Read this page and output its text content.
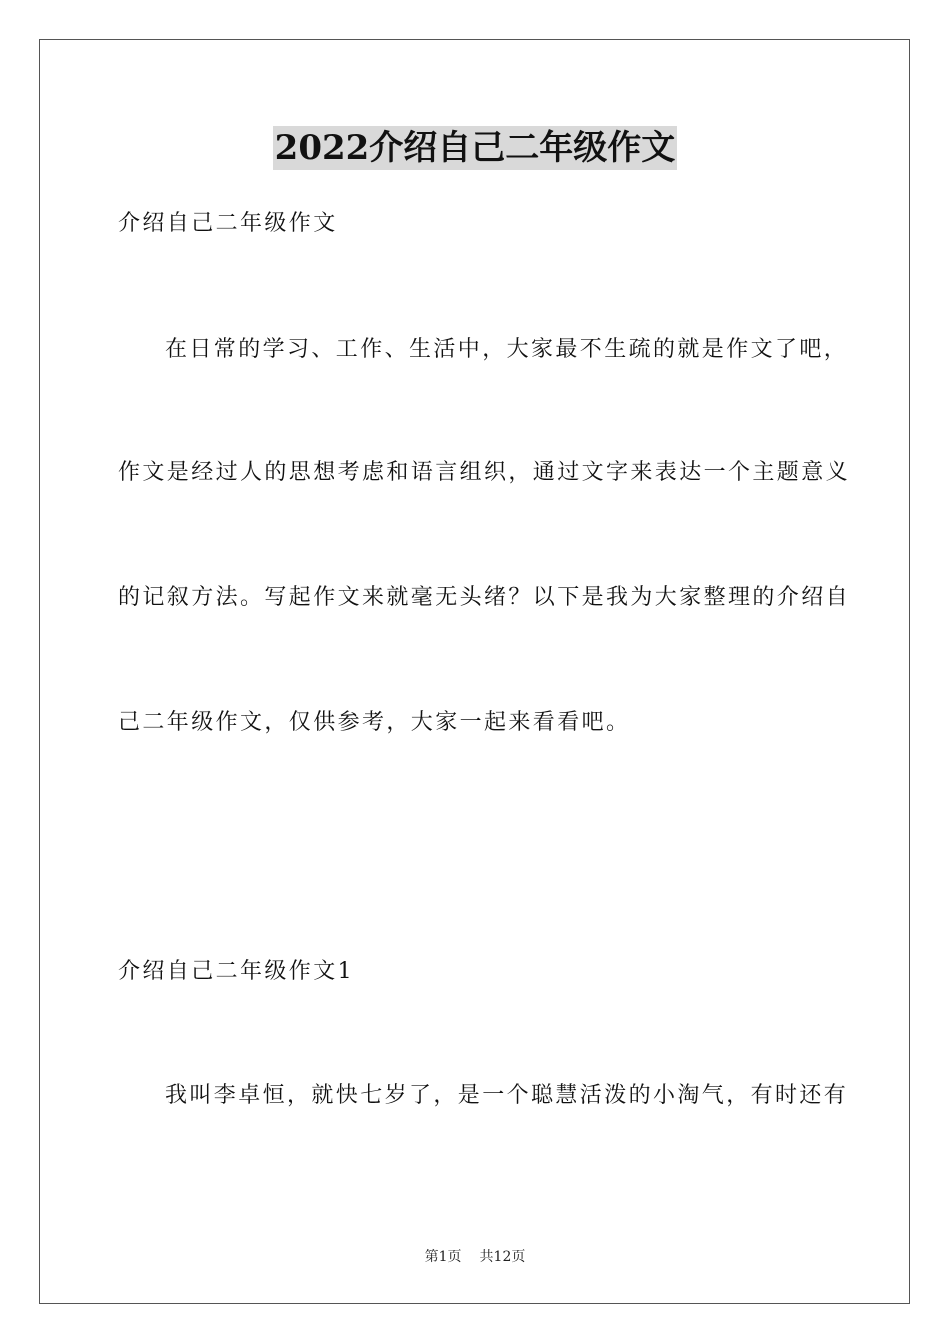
2022介绍自己二年级作文
介绍自己二年级作文
在日常的学习、工作、生活中，大家最不生疏的就是作文了吧，
作文是经过人的思想考虑和语言组织，通过文字来表达一个主题意义
的记叙方法。写起作文来就毫无头绪？以下是我为大家整理的介绍自
己二年级作文，仅供参考，大家一起来看看吧。
介绍自己二年级作文1
我叫李卓恒，就快七岁了，是一个聪慧活泼的小淘气，有时还有
第1页 共12页
